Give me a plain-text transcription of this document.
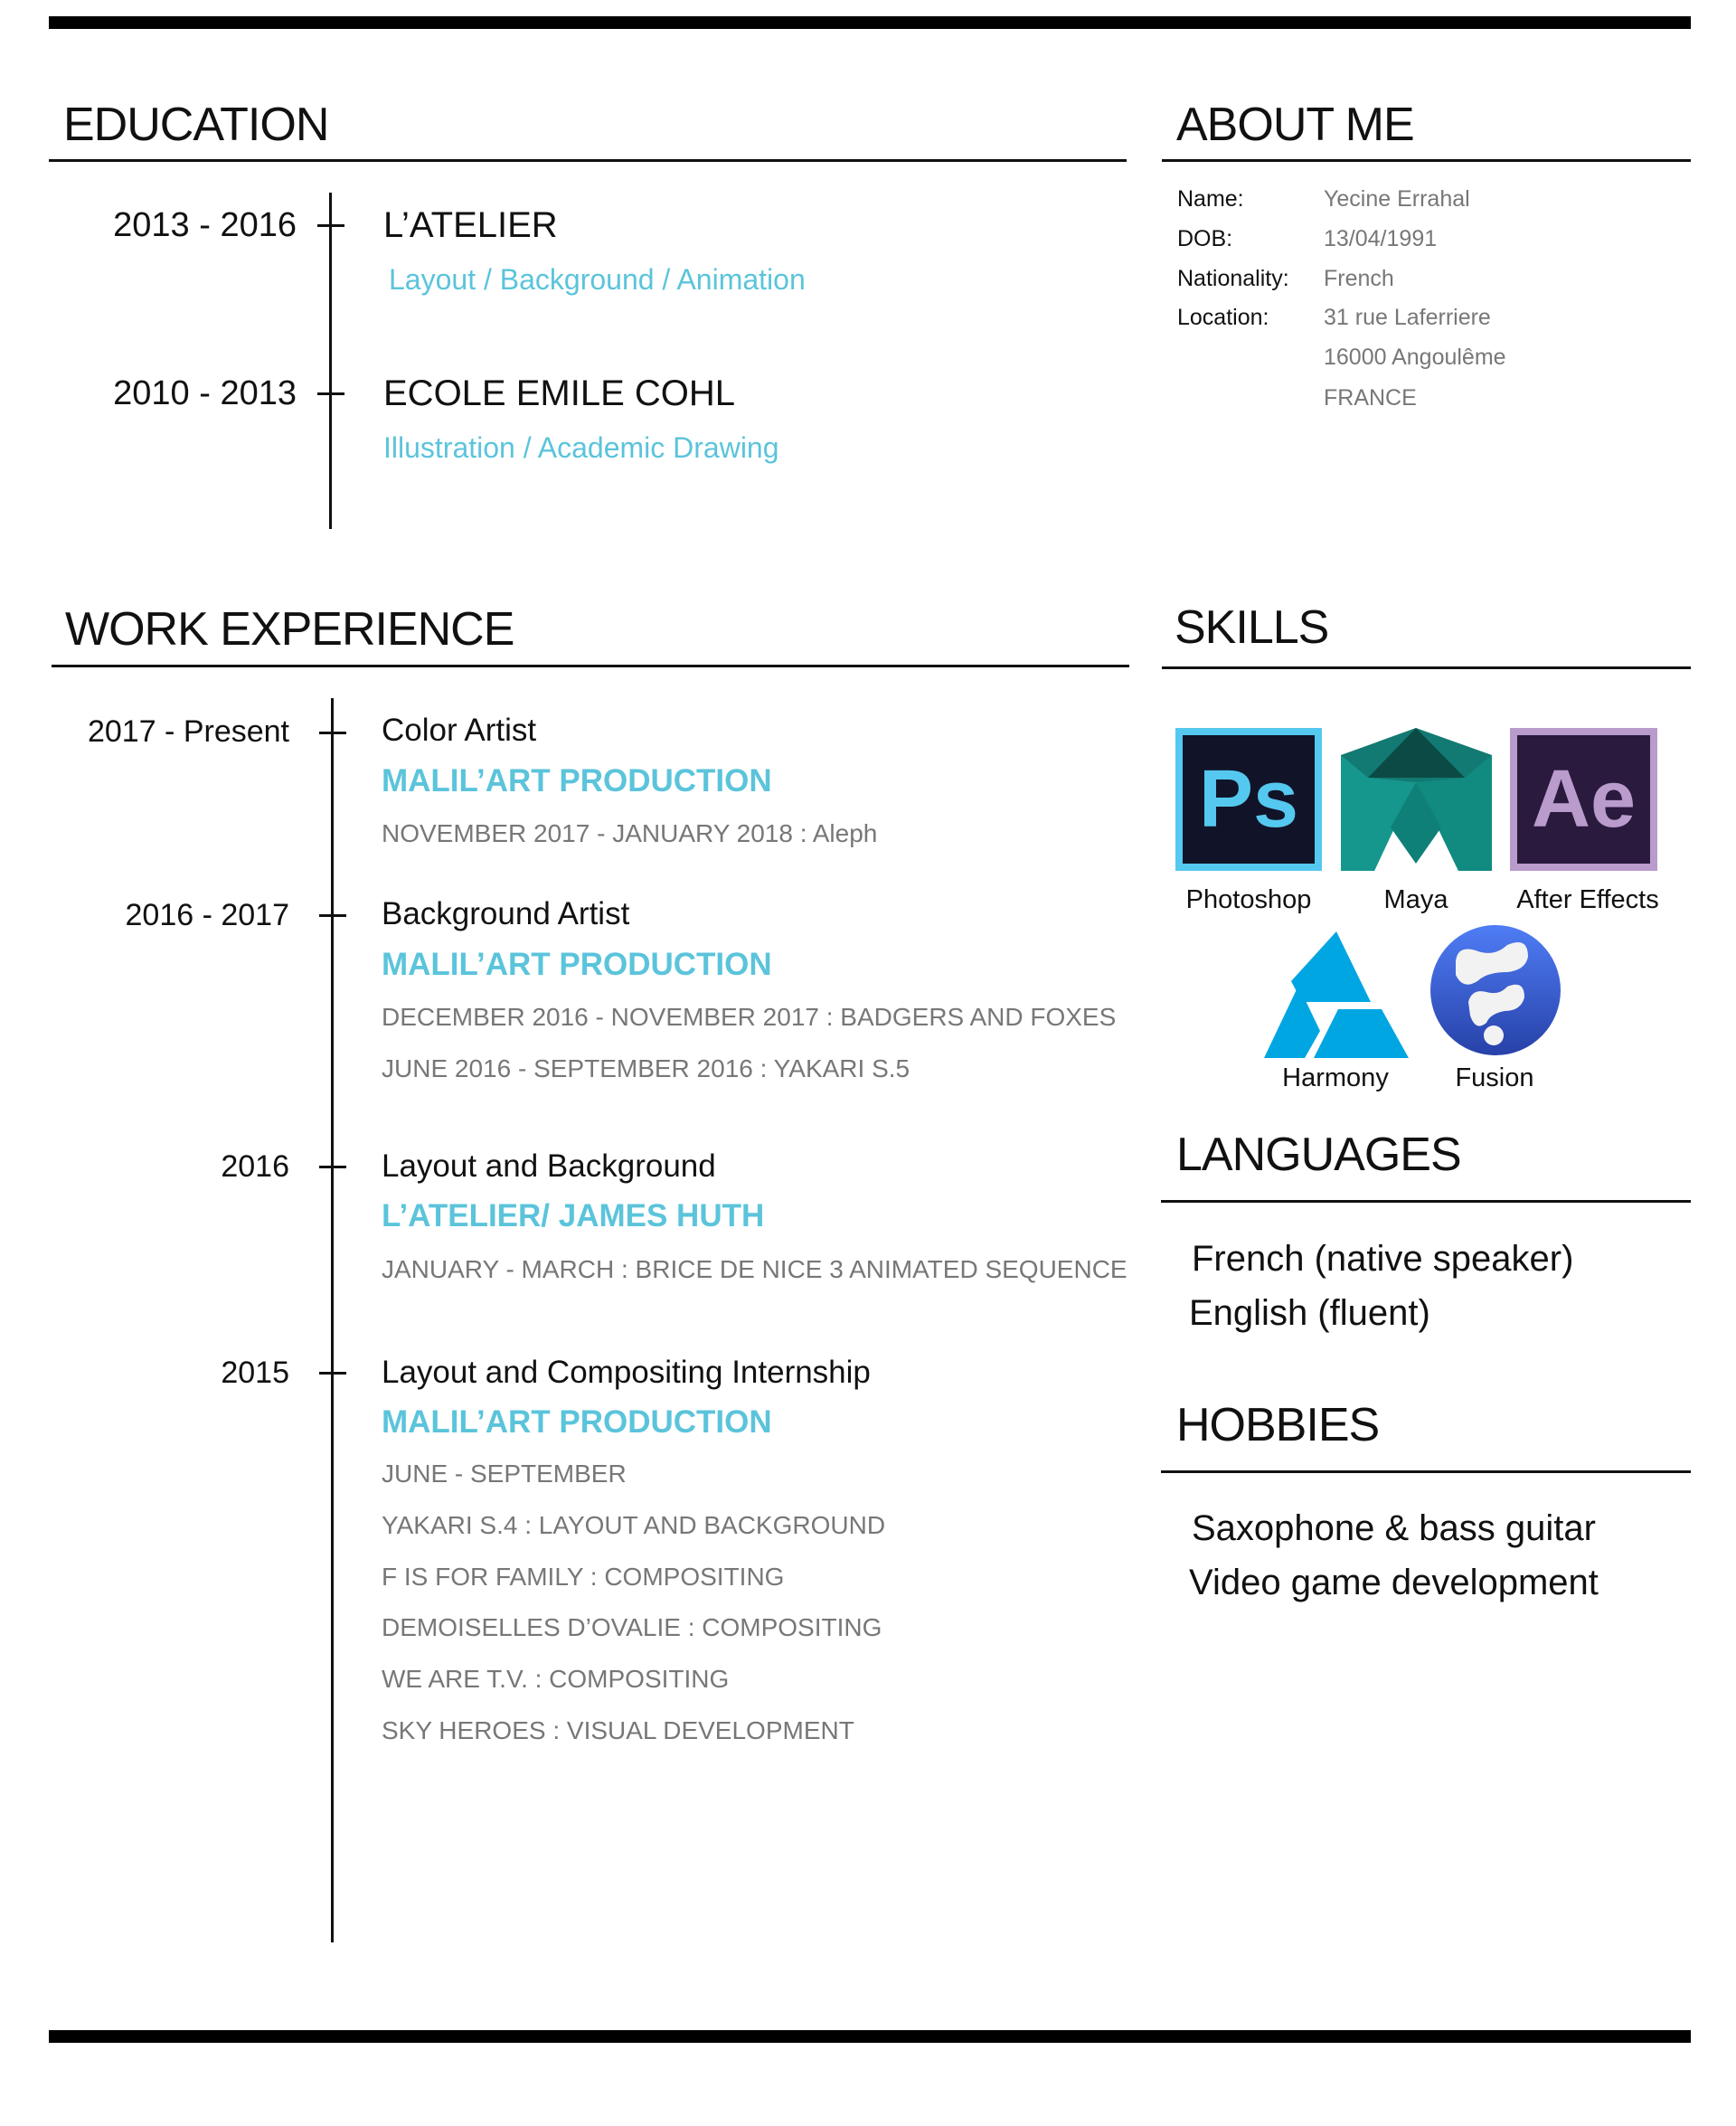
EDUCATION
2013 - 2016 L’ATELIER
Layout / Background / Animation
2010 - 2013 ECOLE EMILE COHL
Illustration / Academic Drawing
ABOUT ME
Name:	Yecine Errahal
DOB:	13/04/1991
Nationality: French
Location: 31 rue Laferriere
16000 Angoulême
FRANCE
WORK EXPERIENCE
2017 - Present	Color Artist
MALIL’ART PRODUCTION
NOVEMBER 2017 - JANUARY 2018 : Aleph
2016 - 2017	Background Artist
MALIL’ART PRODUCTION
DECEMBER 2016 - NOVEMBER 2017 : BADGERS AND FOXES
JUNE 2016 - SEPTEMBER 2016 : YAKARI S.5
2016	Layout and Background
L’ATELIER/ JAMES HUTH
JANUARY - MARCH : BRICE DE NICE 3 ANIMATED SEQUENCE
2015	Layout and Compositing Internship
MALIL’ART PRODUCTION
JUNE - SEPTEMBER
YAKARI S.4 : LAYOUT AND BACKGROUND
F IS FOR FAMILY : COMPOSITING
DEMOISELLES D’OVALIE : COMPOSITING
WE ARE T.V. : COMPOSITING
SKY HEROES : VISUAL DEVELOPMENT
SKILLS
Ps	Ae
Photoshop	Maya	After Effects
Harmony	Fusion
LANGUAGES
French (native speaker)
English (fluent)
HOBBIES
Saxophone & bass guitar
Video game development
